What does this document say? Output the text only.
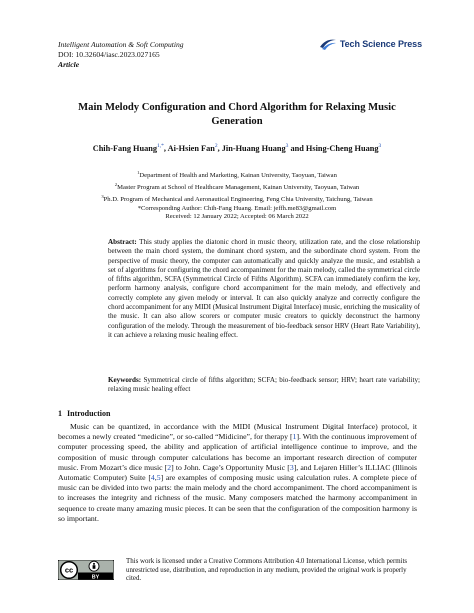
Intelligent Automation & Soft Computing
DOI: 10.32604/iasc.2023.027165
Article
Tech Science Press
Main Melody Configuration and Chord Algorithm for Relaxing Music
Generation
Chih-Fang Huang$^{1,*}$, Ai-Hsien Fan$^2$, Jin-Huang Huang$^3$ and Hsing-Cheng Huang$^3$
$^1$Department of Health and Marketing, Kainan University, Taoyuan, Taiwan
$^2$Master Program at School of Healthcare Management, Kainan University, Taoyuan, Taiwan
$^3$Ph.D. Program of Mechanical and Aeronautical Engineering, Feng Chia University, Taichung, Taiwan
*Corresponding Author: Chih-Fang Huang. Email: jeffh.me83@gmail.com
Received: 12 January 2022; Accepted: 06 March 2022
Abstract: This study applies the diatonic chord in music theory, utilization rate, and the close relationship between the main chord system, the dominant chord system, and the subordinate chord system. From the perspective of music theory, the computer can automatically and quickly analyze the music, and establish a set of algorithms for configuring the chord accompaniment for the main melody, called the symmetrical circle of fifths algorithm, SCFA (Symmetrical Circle of Fifths Algorithm). SCFA can immediately confirm the key, perform harmony analysis, configure chord accompaniment for the main melody, and effectively and correctly complete any given melody or interval. It can also quickly analyze and correctly configure the chord accompaniment for any MIDI (Musical Instrument Digital Interface) music, enriching the musicality of the music. It can also allow scorers or computer music creators to quickly deconstruct the harmony configuration of the melody. Through the measurement of bio-feedback sensor HRV (Heart Rate Variability), it can achieve a relaxing music healing effect.
Keywords: Symmetrical circle of fifths algorithm; SCFA; bio-feedback sensor; HRV; heart rate variability; relaxing music healing effect
1 Introduction
Music can be quantized, in accordance with the MIDI (Musical Instrument Digital Interface) protocol, it becomes a newly created “medicine”, or so-called “Midicine”, for therapy [1]. With the continuous improvement of computer processing speed, the ability and application of artificial intelligence continue to improve, and the composition of music through computer calculations has become an important research direction of computer music. From Mozart’s dice music [2] to John. Cage’s Opportunity Music [3], and Lejaren Hiller’s ILLIAC (Illinois Automatic Computer) Suite [4,5] are examples of composing music using calculation rules. A complete piece of music can be divided into two parts: the main melody and the chord accompaniment. The chord accompaniment is to increases the integrity and richness of the music. Many composers matched the harmony accompaniment in sequence to create many amazing music pieces. It can be seen that the configuration of the composition harmony is so important.
cc
BY
This work is licensed under a Creative Commons Attribution 4.0 International License, which permits unrestricted use, distribution, and reproduction in any medium, provided the original work is properly cited.
